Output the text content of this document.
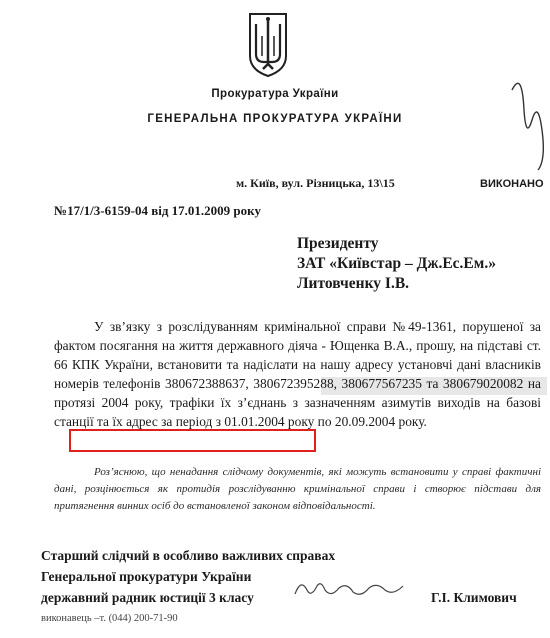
Прокуратура України
ГЕНЕРАЛЬНА ПРОКУРАТУРА УКРАЇНИ
м. Київ, вул. Різницька, 13\15	ВИКОНАНО
№17/1/3-6159-04 від 17.01.2009 року
Президенту
ЗАТ «Київстар – Дж.Ес.Ем.»
Литовченку І.В.

У зв’язку з розслідуванням кримінальної справи №49-1361, порушеної за фактом посягання на життя державного діяча - Ющенка В.А., прошу, на підставі ст. 66 КПК України, встановити та надіслати на нашу адресу установчі дані власників номерів телефонів 380672388637, 380672395288, 380677567235 та 380679020082 на протязі 2004 року, трафіки їх з’єднань з зазначенням азимутів виходів на базові станції та їх адрес за період з 01.01.2004 року по 20.09.2004 року.

Роз’яснюю, що ненадання слідчому документів, які можуть встановити у справі фактичні дані, розцінюється як протидія розслідуванню кримінальної справи і створює підстави для притягнення винних осіб до встановленої законом відповідальності.

Старший слідчий в особливо важливих справах
Генеральної прокуратури України
державний радник юстиції 3 класу	Г.І. Климович
виконавець –т. (044) 200-71-90
